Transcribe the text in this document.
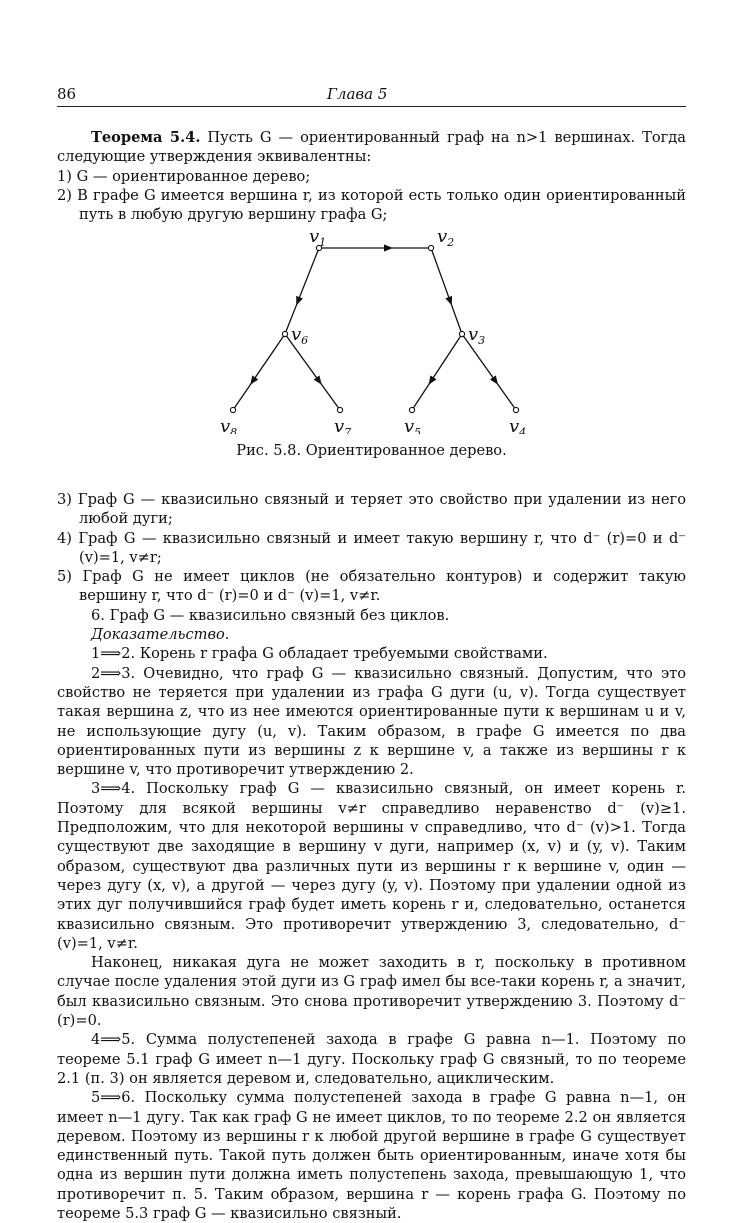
86	Глава 5

Теорема 5.4. Пусть G — ориентированный граф на n>1 вершинах. Тогда следующие утверждения эквивалентны:

1) G — ориентированное дерево;

2) В графе G имеется вершина r, из которой есть только один ориентированный путь в любую другую вершину графа G;

$v_1$	$v_2$
$v_3$
$v_4$
$v_5$
$v_6$
$v_7$
$v_8$
Рис. 5.8. Ориентированное дерево.

3) Граф G — квазисильно связный и теряет это свойство при удалении из него любой дуги;

4) Граф G — квазисильно связный и имеет такую вершину r, что d⁻ (r)=0 и d⁻ (v)=1, v≠r;

5) Граф G не имеет циклов (не обязательно контуров) и содержит такую вершину r, что d⁻ (r)=0 и d⁻ (v)=1, v≠r.

6. Граф G — квазисильно связный без циклов.

Доказательство.

1⟹2. Корень r графа G обладает требуемыми свойствами.

2⟹3. Очевидно, что граф G — квазисильно связный. Допустим, что это свойство не теряется при удалении из графа G дуги (u, v). Тогда существует такая вершина z, что из нее имеются ориентированные пути к вершинам u и v, не использующие дугу (u, v). Таким образом, в графе G имеется по два ориентированных пути из вершины z к вершине v, а также из вершины r к вершине v, что противоречит утверждению 2.

3⟹4. Поскольку граф G — квазисильно связный, он имеет корень r. Поэтому для всякой вершины v≠r справедливо неравенство d⁻ (v)≥1. Предположим, что для некоторой вершины v справедливо, что d⁻ (v)>1. Тогда существуют две заходящие в вершину v дуги, например (x, v) и (y, v). Таким образом, существуют два различных пути из вершины r к вершине v, один — через дугу (x, v), а другой — через дугу (y, v). Поэтому при удалении одной из этих дуг получившийся граф будет иметь корень r и, следовательно, останется квазисильно связным. Это противоречит утверждению 3, следовательно, d⁻ (v)=1, v≠r.

Наконец, никакая дуга не может заходить в r, поскольку в противном случае после удаления этой дуги из G граф имел бы все-таки корень r, а значит, был квазисильно связным. Это снова противоречит утверждению 3. Поэтому d⁻ (r)=0.

4⟹5. Сумма полустепеней захода в графе G равна n—1. Поэтому по теореме 5.1 граф G имеет n—1 дугу. Поскольку граф G связный, то по теореме 2.1 (п. 3) он является деревом и, следовательно, ациклическим.

5⟹6. Поскольку сумма полустепеней захода в графе G равна n—1, он имеет n—1 дугу. Так как граф G не имеет циклов, то по теореме 2.2 он является деревом. Поэтому из вершины r к любой другой вершине в графе G существует единственный путь. Такой путь должен быть ориентированным, иначе хотя бы одна из вершин пути должна иметь полустепень захода, превышающую 1, что противоречит п. 5. Таким образом, вершина r — корень графа G. Поэтому по теореме 5.3 граф G — квазисильно связный.
